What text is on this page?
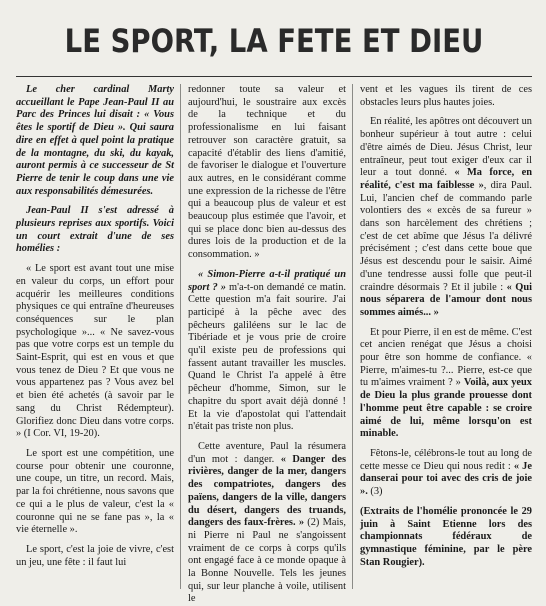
LE SPORT, LA FETE ET DIEU

Le cher cardinal Marty accueillant le Pape Jean-Paul II au Parc des Princes lui disait : « Vous êtes le sportif de Dieu ». Qui saura dire en effet à quel point la pratique de la montagne, du ski, du kayak, auront permis à ce successeur de St Pierre de tenir le coup dans une vie aux responsabilités démesurées.

Jean-Paul II s'est adressé à plusieurs reprises aux sportifs. Voici un court extrait d'une de ses homélies :

« Le sport est avant tout une mise en valeur du corps, un effort pour acquérir les meilleures conditions physiques ce qui entraîne d'heureuses conséquences sur le plan psychologique »... « Ne savez-vous pas que votre corps est un temple du Saint-Esprit, qui est en vous et que vous tenez de Dieu ? Et que vous ne vous appartenez pas ? Vous avez bel et bien été achetés (à savoir par le sang du Christ Rédempteur). Glorifiez donc Dieu dans votre corps. » (I Cor. VI, 19-20).

Le sport est une compétition, une course pour obtenir une couronne, une coupe, un titre, un record. Mais, par la foi chrétienne, nous savons que ce qui a le plus de valeur, c'est la « couronne qui ne se fane pas », la « vie éternelle ».

Le sport, c'est la joie de vivre, c'est un jeu, une fête : il faut lui

redonner toute sa valeur et aujourd'hui, le soustraire aux excès de la technique et du professionalisme en lui faisant retrouver son caractère gratuit, sa capacité d'établir des liens d'amitié, de favoriser le dialogue et l'ouverture aux autres, en le considérant comme une expression de la richesse de l'être qui a beaucoup plus de valeur et est beaucoup plus estimée que l'avoir, et qui se place donc bien au-dessus des dures lois de la production et de la consommation. »

« Simon-Pierre a-t-il pratiqué un sport ? » m'a-t-on demandé ce matin. Cette question m'a fait sourire. J'ai participé à la pêche avec des pêcheurs galiléens sur le lac de Tibériade et je vous prie de croire qu'il existe peu de professions qui fassent autant travailler les muscles. Quand le Christ l'a appelé à être pêcheur d'homme, Simon, sur le chapitre du sport avait déjà donné ! Et la vie d'apostolat qui l'attendait n'était pas triste non plus.

Cette aventure, Paul la résumera d'un mot : danger. « Danger des rivières, danger de la mer, dangers des compatriotes, dangers des païens, dangers de la ville, dangers du désert, dangers des truands, dangers des faux-frères. » (2) Mais, ni Pierre ni Paul ne s'angoissent vraiment de ce corps à corps qu'ils ont engagé face à ce monde opaque à la Bonne Nouvelle. Tels les jeunes qui, sur leur planche à voile, utilisent le

vent et les vagues ils tirent de ces obstacles leurs plus hautes joies.

En réalité, les apôtres ont découvert un bonheur supérieur à tout autre : celui d'être aimés de Dieu. Jésus Christ, leur entraîneur, peut tout exiger d'eux car il leur a tout donné. « Ma force, en réalité, c'est ma faiblesse », dira Paul. Lui, l'ancien chef de commando parle volontiers des « excès de sa fureur » dans son harcèlement des chrétiens ; c'est de cet abîme que Jésus l'a délivré précisément ; c'est dans cette boue que Jésus est descendu pour le saisir. Aimé d'une tendresse aussi folle que peut-il craindre désormais ? Et il jubile : « Qui nous séparera de l'amour dont nous sommes aimés... »

Et pour Pierre, il en est de même. C'est cet ancien renégat que Jésus a choisi pour être son homme de confiance. « Pierre, m'aimes-tu ?... Pierre, est-ce que tu m'aimes vraiment ? » Voilà, aux yeux de Dieu la plus grande prouesse dont l'homme peut être capable : se croire aimé de lui, même lorsqu'on est minable.

Fêtons-le, célébrons-le tout au long de cette messe ce Dieu qui nous redit : « Je danserai pour toi avec des cris de joie ». (3)

(Extraits de l'homélie prononcée le 29 juin à Saint Etienne lors des championnats fédéraux de gymnastique féminine, par le père Stan Rougier).
